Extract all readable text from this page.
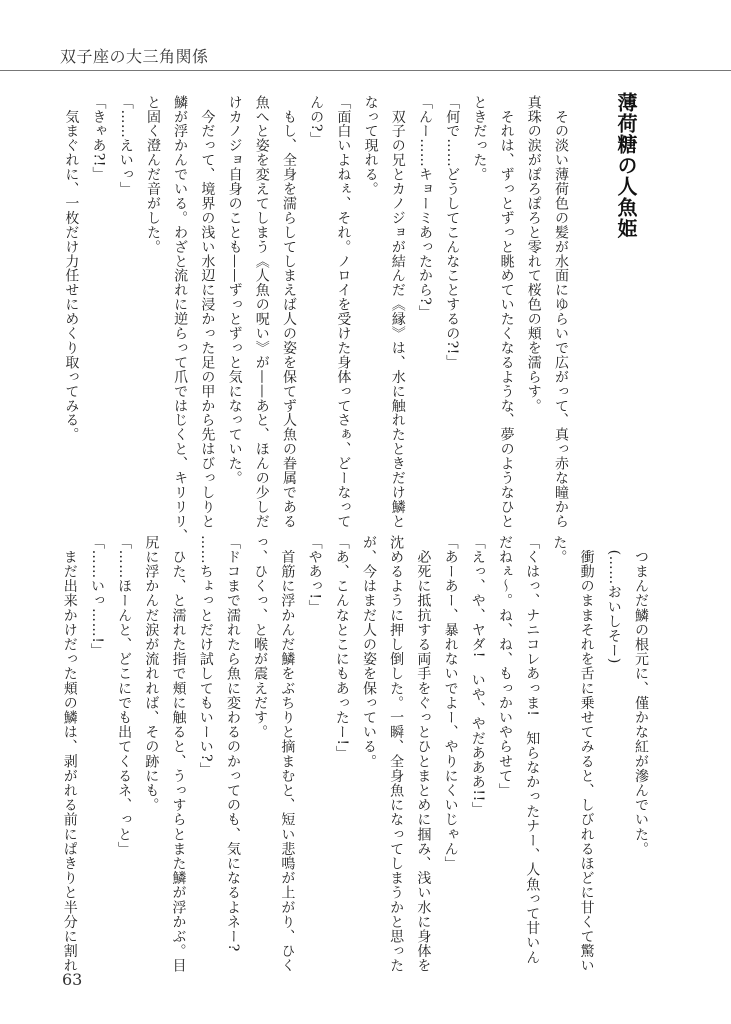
双子座の大三角関係
薄荷糖の人魚姫
　その淡い薄荷色の髪が水面にゆらいで広がって、真っ赤な瞳から
真珠の涙がぽろぽろと零れて桜色の頬を濡らす。
　それは、ずっとずっと眺めていたくなるような、夢のようなひと
ときだった。
「何で……どうしてこんなことするの?!」
「んー……キョーミあったから?」
　双子の兄とカノジョが結んだ《縁》は、水に触れたときだけ鱗と
なって現れる。
「面白いよねぇ、それ。ノロイを受けた身体ってさぁ、どーなって
んの?」
　もし、全身を濡らしてしまえば人の姿を保てず人魚の眷属である
魚へと姿を変えてしまう《人魚の呪い》が——あと、ほんの少しだ
けカノジョ自身のことも——ずっとずっと気になっていた。
　今だって、境界の浅い水辺に浸かった足の甲から先はびっしりと
鱗が浮かんでいる。わざと流れに逆らって爪ではじくと、キリリリ、
と固く澄んだ音がした。
「……えいっ」
「きゃあ?!」
　気まぐれに、一枚だけ力任せにめくり取ってみる。
　つまんだ鱗の根元に、僅かな紅が滲んでいた。
　(……おいしそー)
　衝動のままそれを舌に乗せてみると、しびれるほどに甘くて驚い
た。
「くはっ、ナニコレあっま!　知らなかったナー、人魚って甘いん
だねぇ〜。ね、ね、もっかいやらせて」
「えっ、や、ヤダ!　いや、やだあああ!!」
「あーあー、暴れないでよー、やりにくいじゃん」
　必死に抵抗する両手をぐっとひとまとめに掴み、浅い水に身体を
沈めるように押し倒した。一瞬、全身魚になってしまうかと思った
が、今はまだ人の姿を保っている。
「あ、こんなとこにもあったー!」
「やあっ!」
　首筋に浮かんだ鱗をぶちりと摘まむと、短い悲鳴が上がり、ひく
っ、ひくっ、と喉が震えだす。
「ドコまで濡れたら魚に変わるのかってのも、気になるよネー?
……ちょっとだけ試してもいーい?」
　ひた、と濡れた指で頬に触ると、うっすらとまた鱗が浮かぶ。目
尻に浮かんだ涙が流れれば、その跡にも。
「……ほーんと、どこにでも出てくるネ、っと」
「……いっ……!」
　まだ出来かけだった頬の鱗は、剥がれる前にぱきりと半分に割れ
63
